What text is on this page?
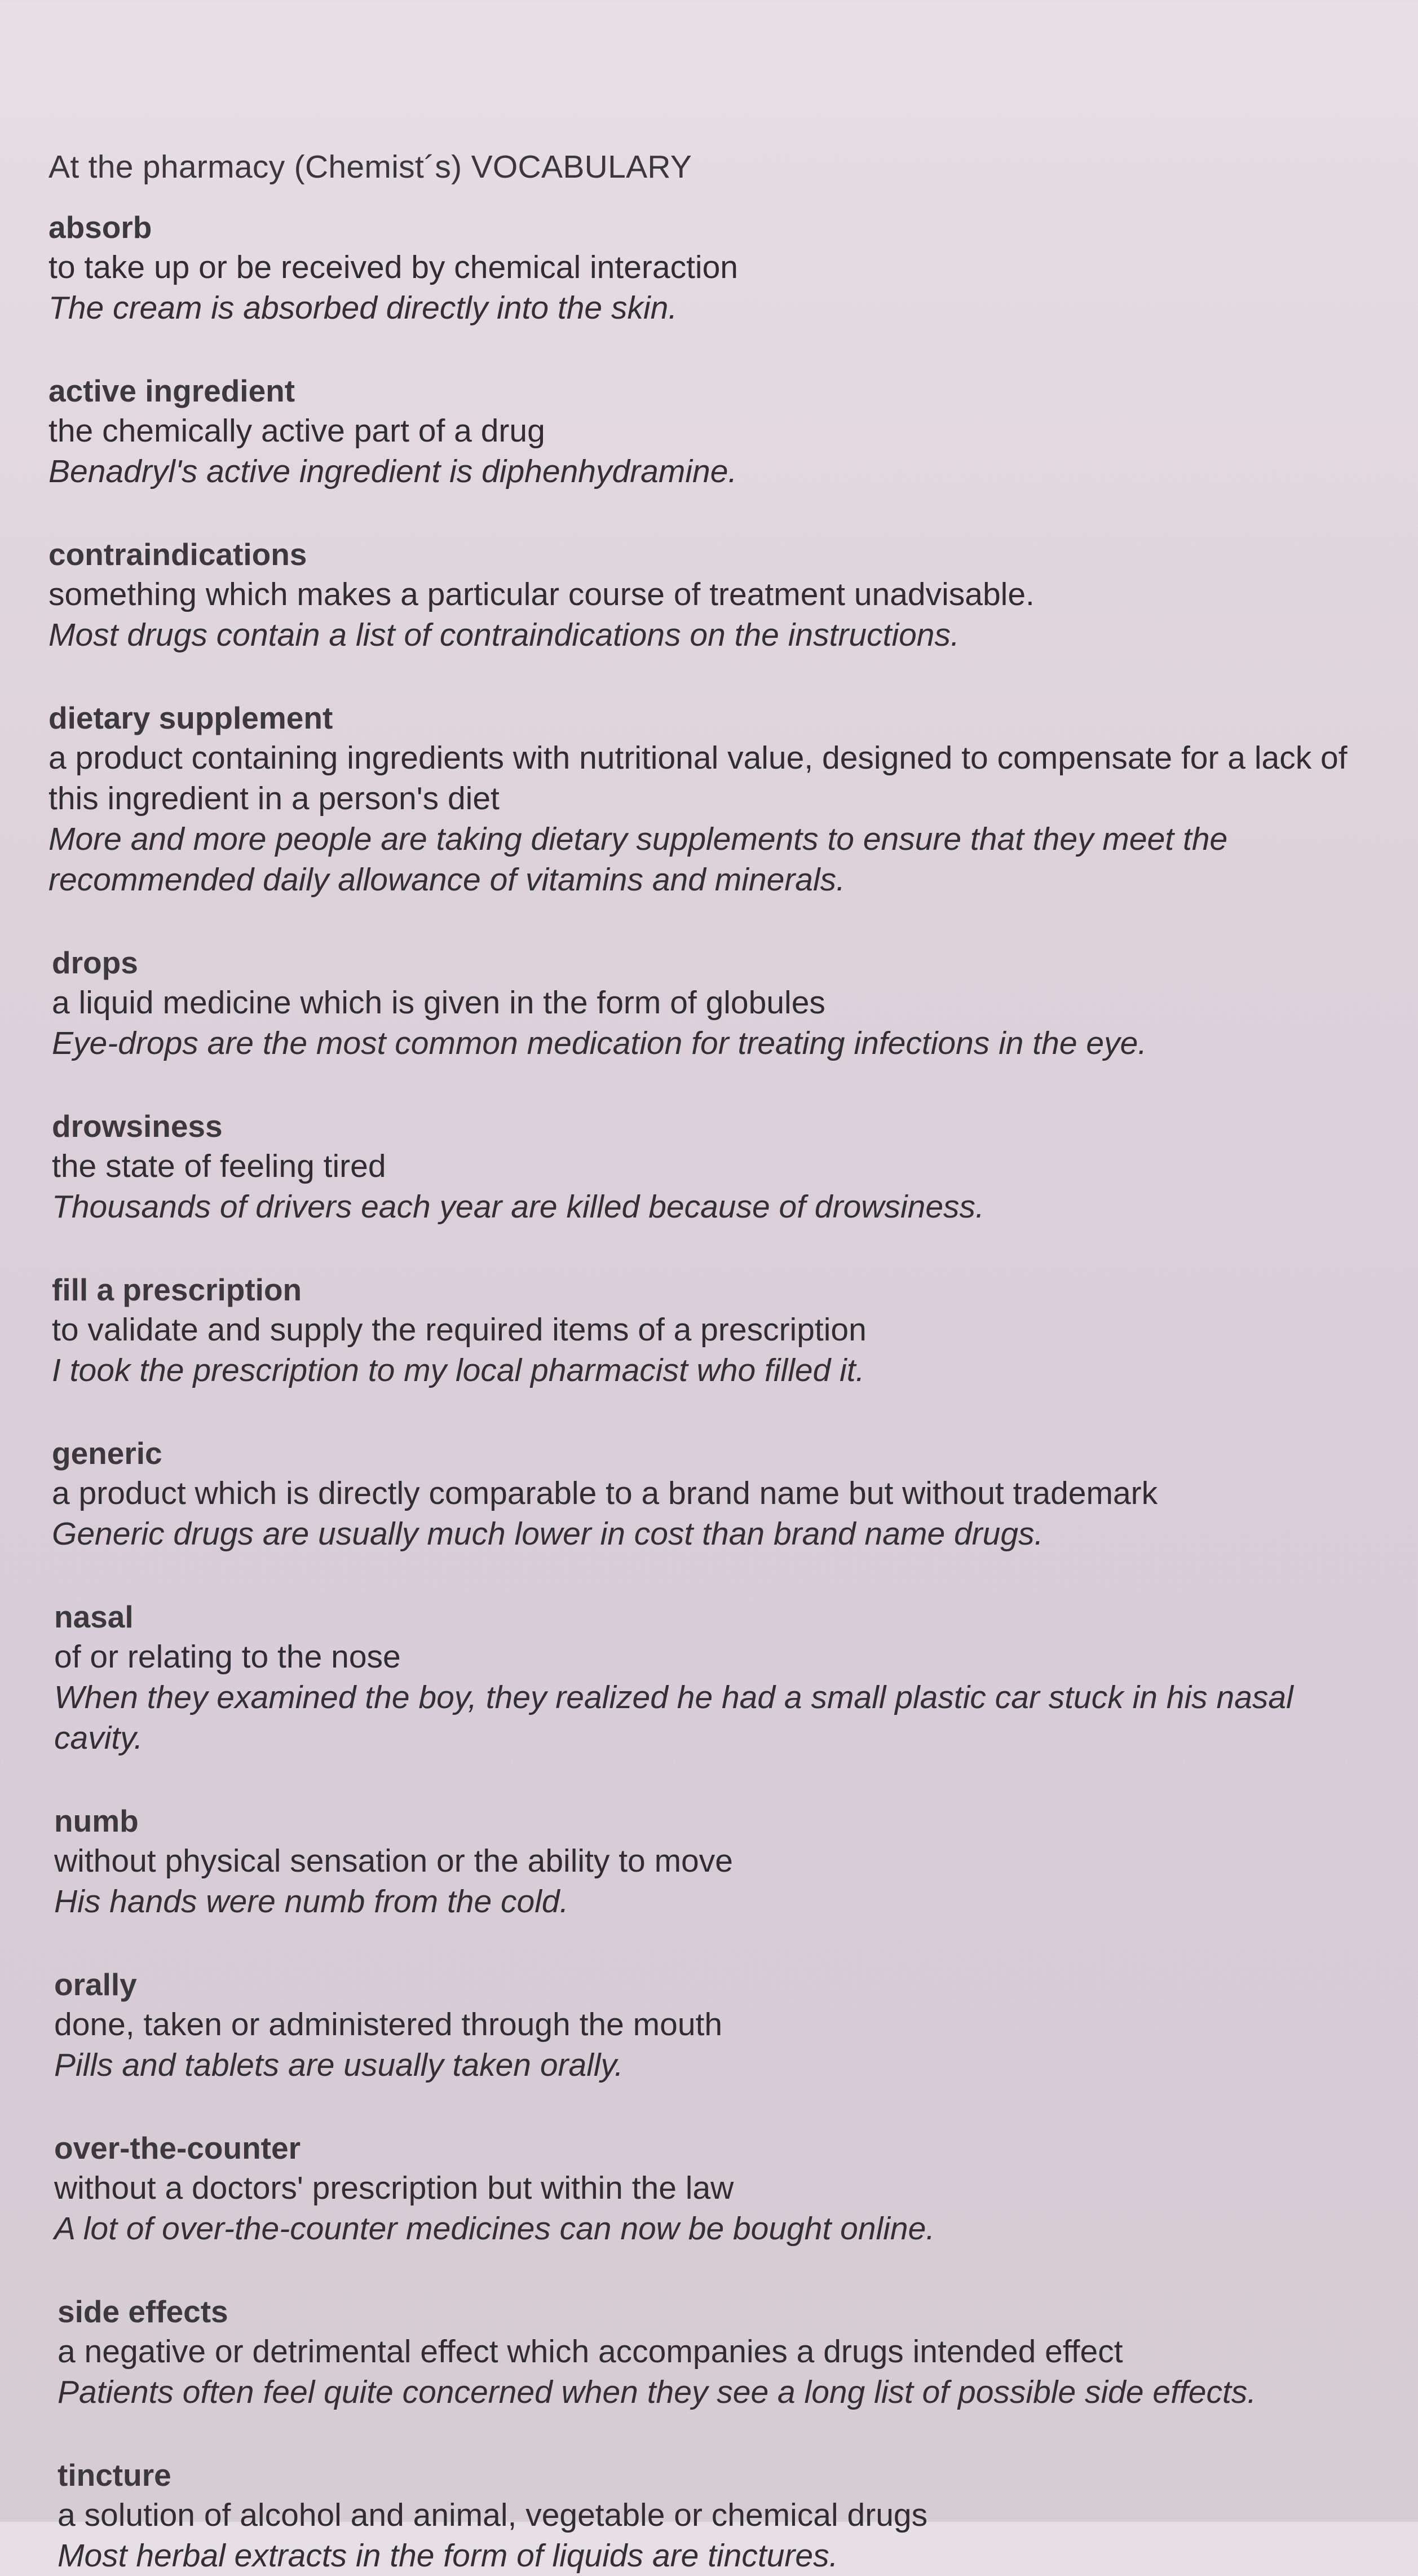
At the pharmacy (Chemist´s) VOCABULARY

absorb

to take up or be received by chemical interaction

The cream is absorbed directly into the skin.

active ingredient

the chemically active part of a drug

Benadryl's active ingredient is diphenhydramine.

contraindications

something which makes a particular course of treatment unadvisable.

Most drugs contain a list of contraindications on the instructions.

dietary supplement

a product containing ingredients with nutritional value, designed to compensate for a lack of this ingredient in a person's diet

More and more people are taking dietary supplements to ensure that they meet the recommended daily allowance of vitamins and minerals.

drops

a liquid medicine which is given in the form of globules

Eye-drops are the most common medication for treating infections in the eye.

drowsiness

the state of feeling tired

Thousands of drivers each year are killed because of drowsiness.

fill a prescription

to validate and supply the required items of a prescription

I took the prescription to my local pharmacist who filled it.

generic

a product which is directly comparable to a brand name but without trademark

Generic drugs are usually much lower in cost than brand name drugs.

nasal

of or relating to the nose

When they examined the boy, they realized he had a small plastic car stuck in his nasal cavity.

numb

without physical sensation or the ability to move

His hands were numb from the cold.

orally

done, taken or administered through the mouth

Pills and tablets are usually taken orally.

over-the-counter

without a doctors' prescription but within the law

A lot of over-the-counter medicines can now be bought online.

side effects

a negative or detrimental effect which accompanies a drugs intended effect

Patients often feel quite concerned when they see a long list of possible side effects.

tincture

a solution of alcohol and animal, vegetable or chemical drugs

Most herbal extracts in the form of liquids are tinctures.
